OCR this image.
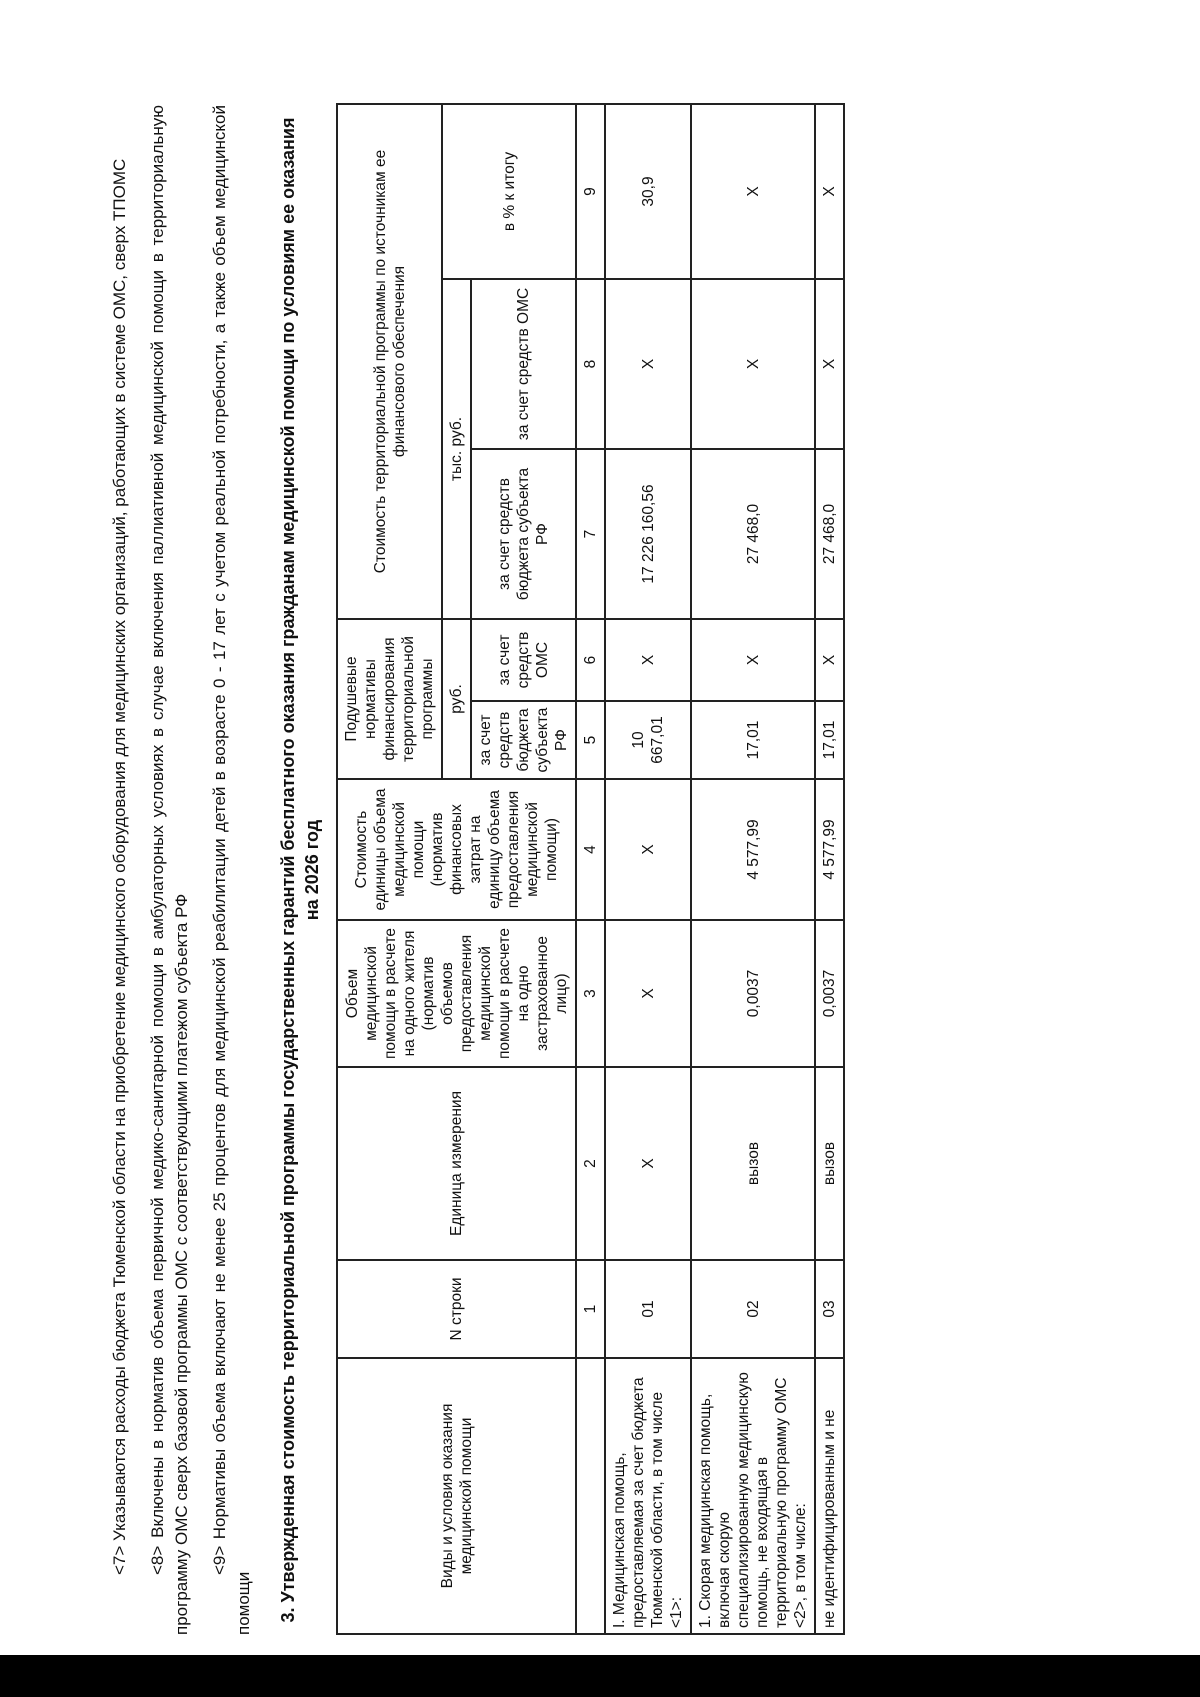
<7> Указываются расходы бюджета Тюменской области на приобретение медицинского оборудования для медицинских организаций, работающих в системе ОМС, сверх ТПОМС <8> Включены в норматив объема первичной медико-санитарной помощи в амбулаторных условиях в случае включения паллиативной медицинской помощи в территориальную программу ОМС сверх базовой программы ОМС с соответствующими платежом субъекта РФ <9> Нормативы объема включают не менее 25 процентов для медицинской реабилитации детей в возрасте 0 - 17 лет с учетом реальной потребности, а также объем медицинской помощи 3. Утвержденная стоимость территориальной программы государственных гарантий бесплатного оказания гражданам медицинской помощи по условиям ее оказания на 2026 год
Виды и условия оказания медицинской помощи	N строки	Единица измерения	Объем медицинской помощи в расчете на одного жителя (норматив объемов предоставления медицинской помощи в расчете на одно застрахованное лицо)	Стоимость единицы объема медицинской помощи (норматив финансовых затрат на единицу объема предоставления медицинской помощи)	Подушевые нормативы финансирования территориальной программы		Стоимость территориальной программы по источникам ее финансового обеспечения		
					руб.		тыс. руб.		в % к итогу
					за счет средств бюджета субъекта РФ	за счет средств ОМС	за счет средств бюджета субъекта РФ	за счет средств ОМС	
	1	2	3	4	5	6	7	8	9
I. Медицинская помощь, предоставляемая за счет бюджета Тюменской области, в том числе <1>:	01	X	X	X	10 667,01	X	17 226 160,56	X	30,9
1. Скорая медицинская помощь, включая скорую специализированную медицинскую помощь, не входящая в территориальную программу ОМС <2>, в том числе:	02	вызов	0,0037	4 577,99	17,01	X	27 468,0	X	X
не идентифицированным и не	03	вызов	0,0037	4 577,99	17,01	X	27 468,0	X	X
